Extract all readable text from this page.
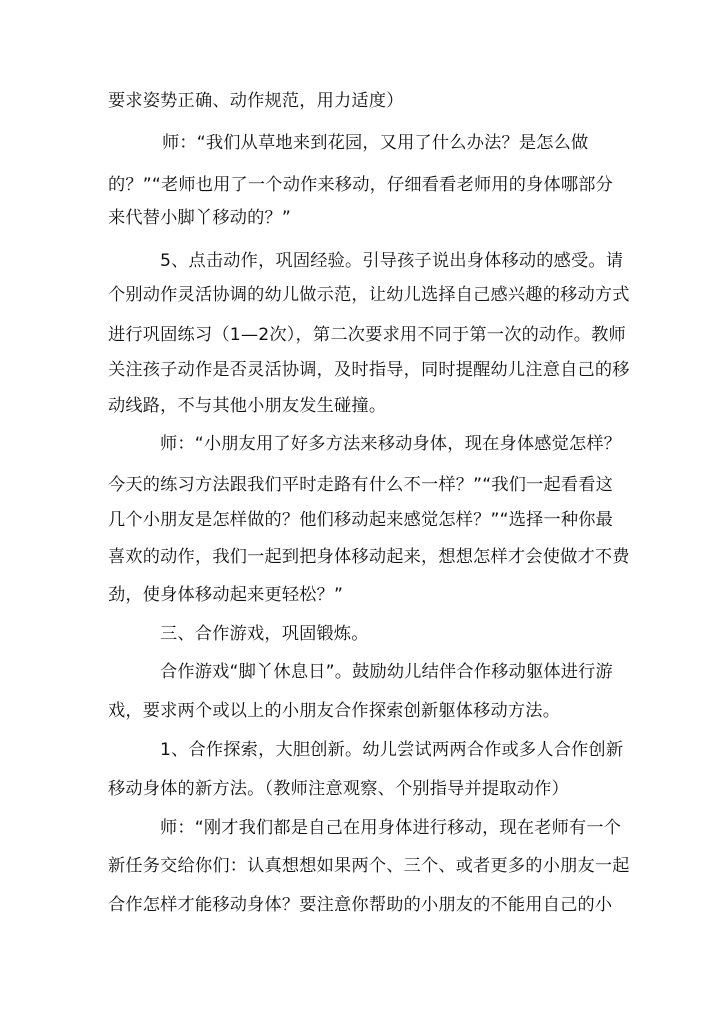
要求姿势正确、动作规范，用力适度）
师：“我们从草地来到花园，又用了什么办法？是怎么做
的？”“老师也用了一个动作来移动，仔细看看老师用的身体哪部分
来代替小脚丫移动的？”
5、点击动作，巩固经验。引导孩子说出身体移动的感受。请
个别动作灵活协调的幼儿做示范，让幼儿选择自己感兴趣的移动方式
进行巩固练习（1—2次），第二次要求用不同于第一次的动作。教师
关注孩子动作是否灵活协调，及时指导，同时提醒幼儿注意自己的移
动线路，不与其他小朋友发生碰撞。
师：“小朋友用了好多方法来移动身体，现在身体感觉怎样？
今天的练习方法跟我们平时走路有什么不一样？”“我们一起看看这
几个小朋友是怎样做的？他们移动起来感觉怎样？”“选择一种你最
喜欢的动作，我们一起到把身体移动起来，想想怎样才会使做才不费
劲，使身体移动起来更轻松？”
三、合作游戏，巩固锻炼。
合作游戏“脚丫休息日”。鼓励幼儿结伴合作移动躯体进行游
戏，要求两个或以上的小朋友合作探索创新躯体移动方法。
1、合作探索，大胆创新。幼儿尝试两两合作或多人合作创新
移动身体的新方法。（教师注意观察、个别指导并提取动作）
师：“刚才我们都是自己在用身体进行移动，现在老师有一个
新任务交给你们：认真想想如果两个、三个、或者更多的小朋友一起
合作怎样才能移动身体？要注意你帮助的小朋友的不能用自己的小
